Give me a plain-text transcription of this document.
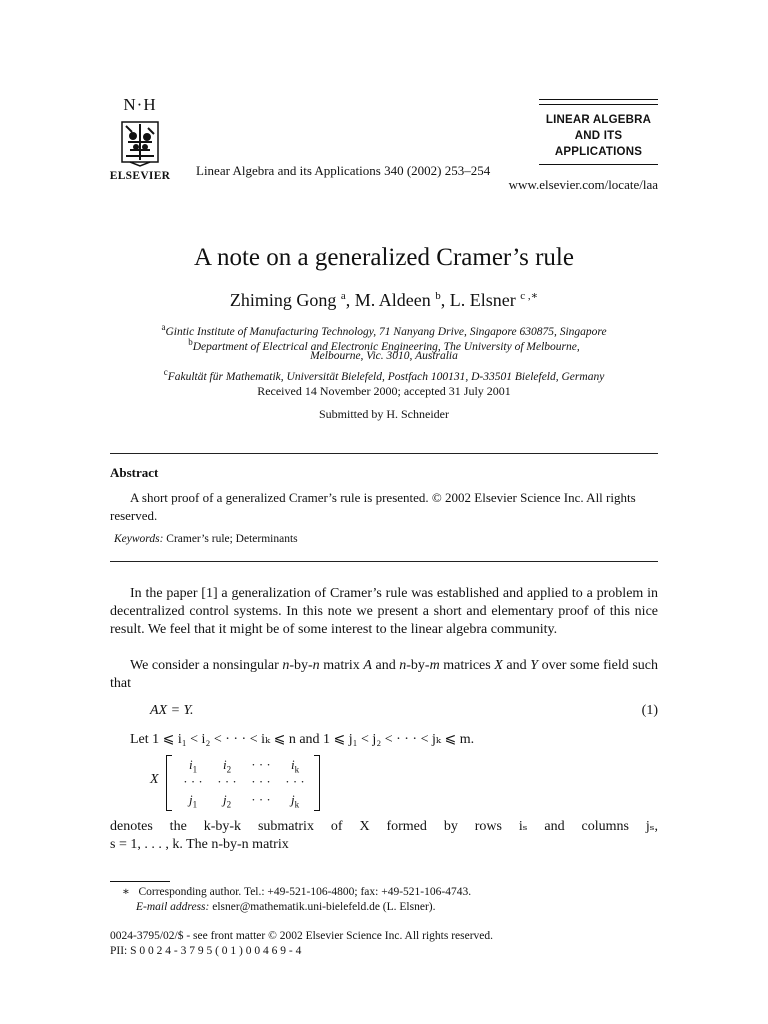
N·H
ELSEVIER Linear Algebra and its Applications 340 (2002) 253–254
www.elsevier.com/locate/laa
LINEAR ALGEBRA
AND ITS
APPLICATIONS
A note on a generalized Cramer’s rule
Zhiming Gong $^a$, M. Aldeen $^b$, L. Elsner $^{c ,∗}$
$^a$Gintic Institute of Manufacturing Technology, 71 Nanyang Drive, Singapore 630875, Singapore
$^b$Department of Electrical and Electronic Engineering, The University of Melbourne,
Melbourne, Vic. 3010, Australia
$^c$Fakultät für Mathematik, Universität Bielefeld, Postfach 100131, D-33501 Bielefeld, Germany
Received 14 November 2000; accepted 31 July 2001
Submitted by H. Schneider
Abstract
A short proof of a generalized Cramer’s rule is presented. © 2002 Elsevier Science Inc. All rights reserved.
Keywords: Cramer’s rule; Determinants
In the paper [1] a generalization of Cramer’s rule was established and applied to a problem in decentralized control systems. In this note we present a short and elementary proof of this nice result. We feel that it might be of some interest to the linear algebra community.
We consider a nonsingular n-by-n matrix A and n-by-m matrices X and Y over some field such that
AX = Y.	(1)
Let 1 ⩽ i₁ < i₂ < · · · < iₖ ⩽ n and 1 ⩽ j₁ < j₂ < · · · < jₖ ⩽ m.
X
$i_1$	$i_2$	· · ·	$i_k$
· · ·	· · ·	· · ·	· · ·
$j_1$	$j_2$	· · ·	$j_k$
denotes the k-by-k submatrix of X formed by rows iₛ and columns jₛ,
s = 1, . . . , k. The n-by-n matrix
∗ Corresponding author. Tel.: +49-521-106-4800; fax: +49-521-106-4743.
E-mail address: elsner@mathematik.uni-bielefeld.de (L. Elsner).
0024-3795/02/$ - see front matter © 2002 Elsevier Science Inc. All rights reserved.
PII: S 0 0 2 4 - 3 7 9 5 ( 0 1 ) 0 0 4 6 9 - 4
